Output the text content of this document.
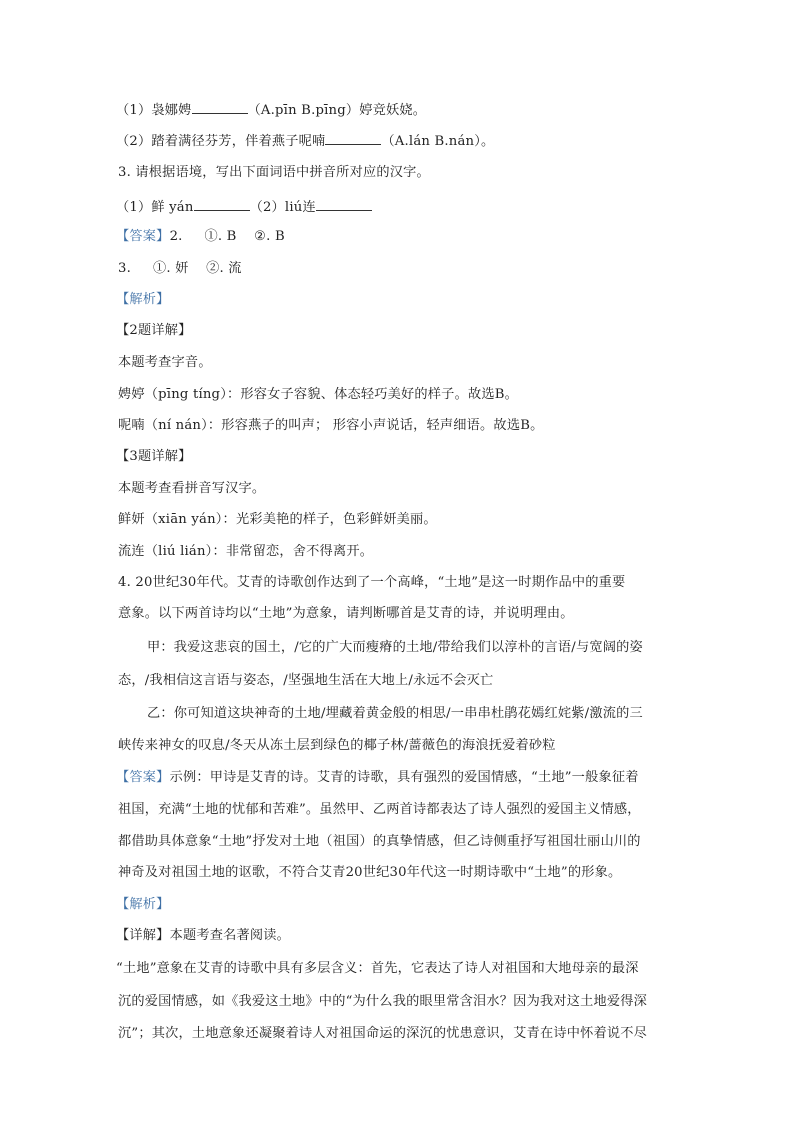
（1）袅娜娉	（A.pīn B.pīng）婷竞妖娆。
（2）踏着满径芬芳，伴着燕子呢喃	（A.lán B.nán）。
3. 请根据语境，写出下面词语中拼音所对应的汉字。
（1）鲜 yán	（2）liú连
【答案】2.     ①. B    ②. B
3.     ①. 妍    ②. 流
【解析】
【2题详解】
本题考查字音。
娉婷（pīng tíng）：形容女子容貌、体态轻巧美好的样子。故选B。
呢喃（ní nán）：形容燕子的叫声； 形容小声说话，轻声细语。故选B。
【3题详解】
本题考查看拼音写汉字。
鲜妍（xiān yán）：光彩美艳的样子，色彩鲜妍美丽。
流连（liú lián）：非常留恋，舍不得离开。
4. 20世纪30年代。艾青的诗歌创作达到了一个高峰，“土地”是这一时期作品中的重要
意象。以下两首诗均以“土地”为意象，请判断哪首是艾青的诗，并说明理由。
甲：我爱这悲哀的国土，/它的广大而瘦瘠的土地/带给我们以淳朴的言语/与宽阔的姿
态，/我相信这言语与姿态，/坚强地生活在大地上/永远不会灭亡
乙：你可知道这块神奇的土地/埋藏着黄金般的相思/一串串杜鹃花嫣红姹紫/激流的三
峡传来神女的叹息/冬天从冻土层到绿色的椰子林/蔷薇色的海浪抚爱着砂粒
【答案】示例：甲诗是艾青的诗。艾青的诗歌，具有强烈的爱国情感，“土地”一般象征着
祖国，充满“土地的忧郁和苦难”。虽然甲、乙两首诗都表达了诗人强烈的爱国主义情感，
都借助具体意象“土地”抒发对土地（祖国）的真挚情感，但乙诗侧重抒写祖国壮丽山川的
神奇及对祖国土地的讴歌，不符合艾青20世纪30年代这一时期诗歌中“土地”的形象。
【解析】
【详解】本题考查名著阅读。
“土地”意象在艾青的诗歌中具有多层含义：首先，它表达了诗人对祖国和大地母亲的最深
沉的爱国情感，如《我爱这土地》中的“为什么我的眼里常含泪水？因为我对这土地爱得深
沉”；其次，土地意象还凝聚着诗人对祖国命运的深沉的忧患意识，艾青在诗中怀着说不尽
